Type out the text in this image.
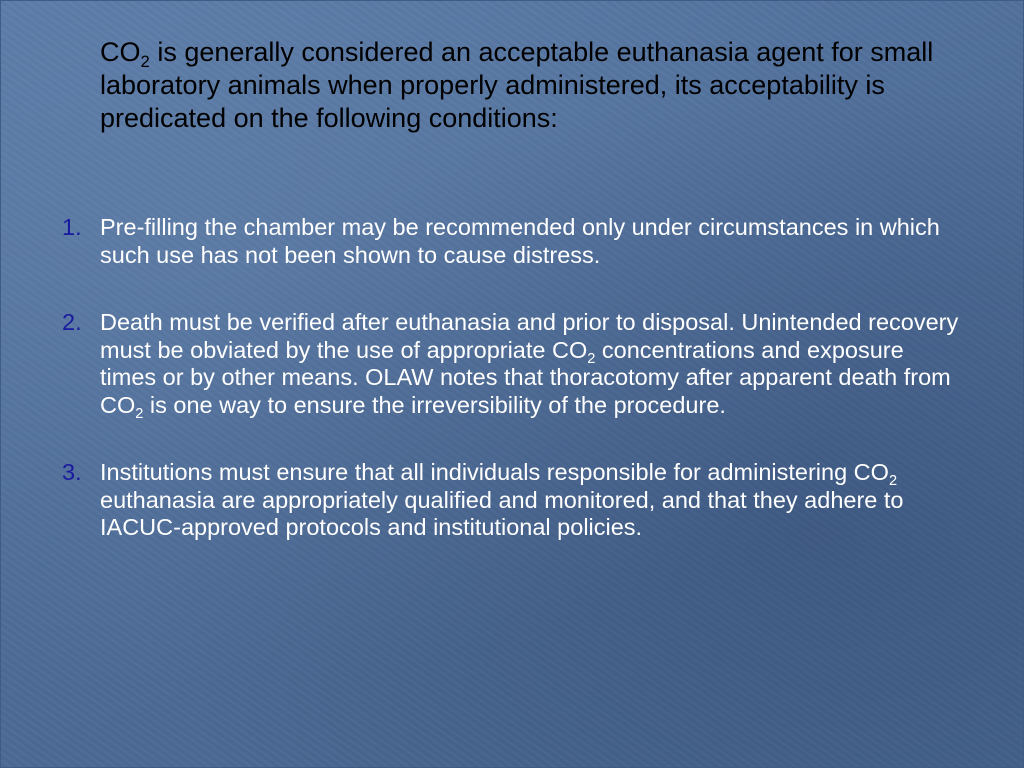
$CO_2$ is generally considered an acceptable euthanasia agent for small laboratory animals when properly administered, its acceptability is predicated on the following conditions:
1. Pre-filling the chamber may be recommended only under circumstances in which such use has not been shown to cause distress.
2. Death must be verified after euthanasia and prior to disposal. Unintended recovery must be obviated by the use of appropriate $CO_2$ concentrations and exposure times or by other means. OLAW notes that thoracotomy after apparent death from $CO_2$ is one way to ensure the irreversibility of the procedure.
3. Institutions must ensure that all individuals responsible for administering $CO_2$ euthanasia are appropriately qualified and monitored, and that they adhere to IACUC-approved protocols and institutional policies.
